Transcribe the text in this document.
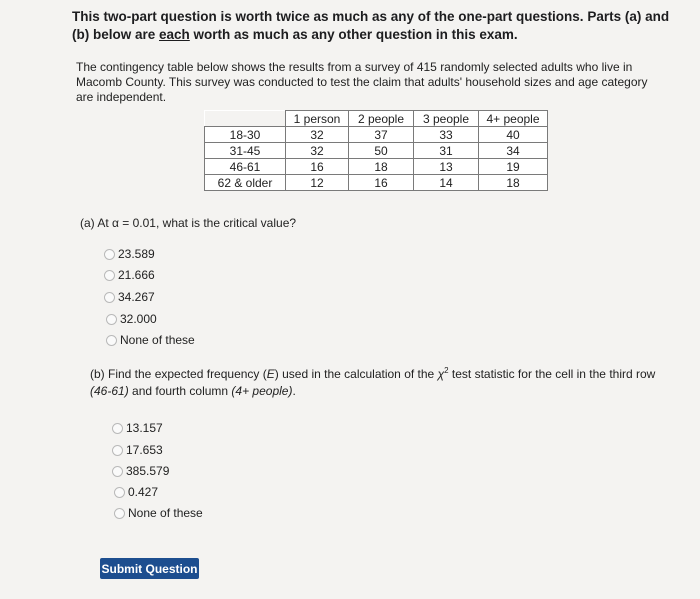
This two-part question is worth twice as much as any of the one-part questions. Parts (a) and (b) below are each worth as much as any other question in this exam.
The contingency table below shows the results from a survey of 415 randomly selected adults who live in Macomb County. This survey was conducted to test the claim that adults' household sizes and age category are independent.
	1 person	2 people	3 people	4+ people
18-30	32	37	33	40
31-45	32	50	31	34
46-61	16	18	13	19
62 & older	12	16	14	18
(a) At α = 0.01, what is the critical value?
23.589
21.666
34.267
32.000
None of these
(b) Find the expected frequency (E) used in the calculation of the $\chi^2$ test statistic for the cell in the third row
(46-61) and fourth column (4+ people).
13.157
17.653
385.579
0.427
None of these
Submit Question
